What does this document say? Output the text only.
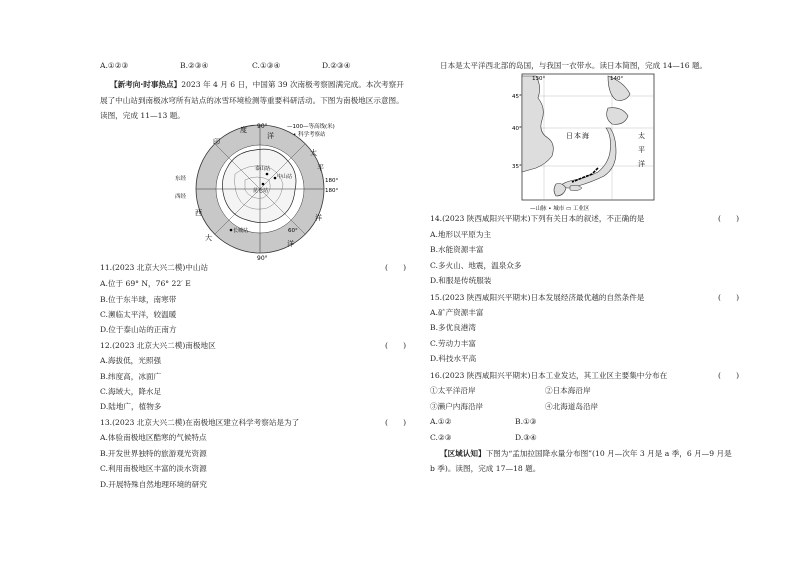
A.①②③	B.②③④	C.①③④	D.②③④
【新考向·时事热点】2023 年 4 月 6 日，中国第 39 次南极考察圆满完成。本次考察开
展了中山站到南极冰穹所有站点的冰雪环境检测等重要科研活动。下图为南极地区示意图。
读图，完成 11—13 题。
90°
90°
180°
180°
60°
东经
西经
太
平
洋
度
洋
洋
大
西
印
中山站
长城站
昆仑站
泰山站
—100—等高线(米)
• 科学考察站
11.(2023 北京大兴二模)中山站	(　　)
A.位于 69° N，76° 22′ E
B.位于东半球，南寒带
C.濒临太平洋，较温暖
D.位于泰山站的正南方
12.(2023 北京大兴二模)南极地区	(　　)
A.海拔低，光照强
B.纬度高，冰面广
C.海域大，降水足
D.陆地广，植物多
13.(2023 北京大兴二模)在南极地区建立科学考察站是为了	(　　)
A.体验南极地区酷寒的气候特点
B.开发世界独特的旅游观光资源
C.利用南极地区丰富的淡水资源
D.开展特殊自然地理环境的研究
日本是太平洋西北部的岛国，与我国一衣带水。读日本简图，完成 14—16 题。
130°	140°
45°
40°
35°
日 本 海	太
平
洋
—山脉 • 城市 ▭ 工业区
14.(2023 陕西咸阳兴平期末)下列有关日本的叙述，不正确的是	(　　)
A.地形以平原为主
B.水能资源丰富
C.多火山、地震，温泉众多
D.和服是传统服装
15.(2023 陕西咸阳兴平期末)日本发展经济最优越的自然条件是	(　　)
A.矿产资源丰富
B.多优良港湾
C.劳动力丰富
D.科技水平高
16.(2023 陕西咸阳兴平期末)日本工业发达，其工业区主要集中分布在	(　　)
①太平洋沿岸	②日本海沿岸
③濑户内海沿岸	④北海道岛沿岸
A.①②	B.①③
C.②③	D.③④
【区域认知】下图为“孟加拉国降水量分布图”(10 月—次年 3 月是 a 季，6 月—9 月是
b 季)。读图，完成 17—18 题。
